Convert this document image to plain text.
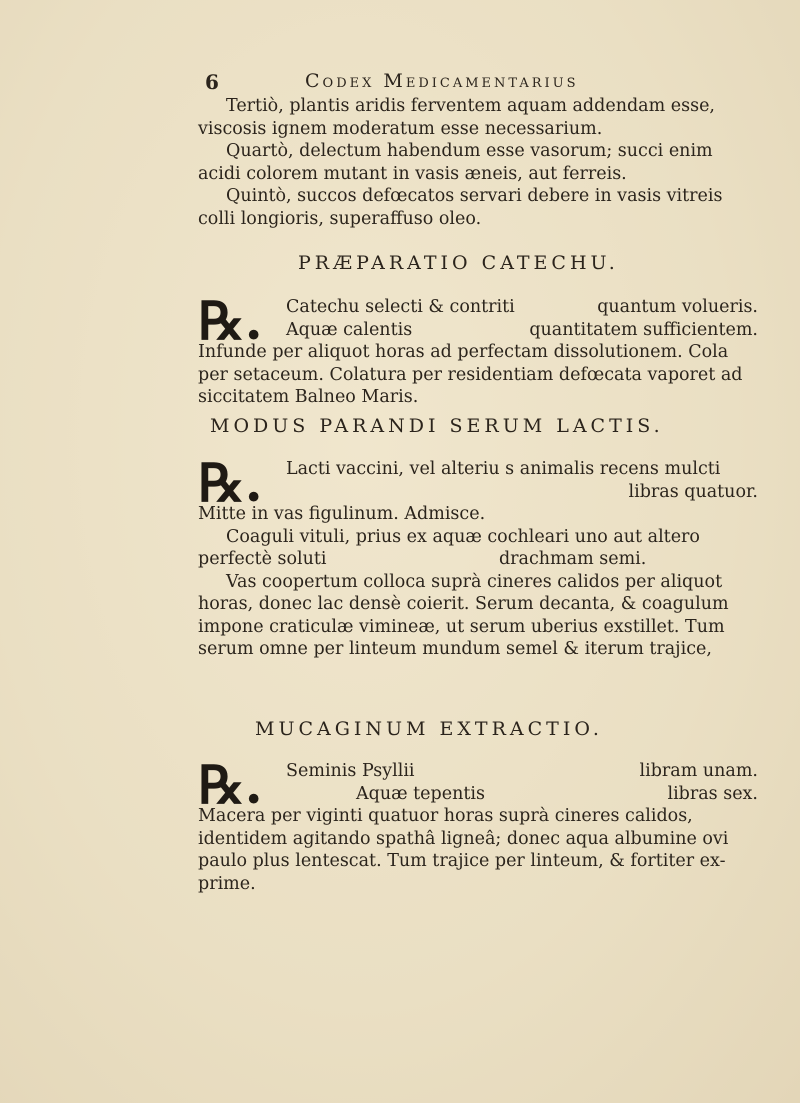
6	Codex Medicamentarius

Tertiò, plantis aridis ferventem aquam addendam esse,
viscosis ignem moderatum esse necessarium.

Quartò, delectum habendum esse vasorum; succi enim
acidi colorem mutant in vasis æneis, aut ferreis.

Quintò, succos defœcatos servari debere in vasis vitreis
colli longioris, superaffuso oleo.

PRÆPARATIO CATECHU.
℞. Catechu selecti & contriti	quantum volueris.
Aquæ calentis	quantitatem sufficientem.
Infunde per aliquot horas ad perfectam dissolutionem. Cola
per setaceum. Colatura per residentiam defœcata vaporet ad
siccitatem Balneo Maris.
MODUS PARANDI SERUM LACTIS.
℞. Lacti vaccini, vel alteriu s animalis recens mulcti
libras quatuor.
Mitte in vas figulinum. Admisce.
Coaguli vituli, prius ex aquæ cochleari uno aut altero
perfectè soluti                               drachmam semi.
Vas coopertum colloca suprà cineres calidos per aliquot
horas, donec lac densè coierit. Serum decanta, & coagulum
impone craticulæ vimineæ, ut serum uberius exstillet. Tum
serum omne per linteum mundum semel & iterum trajice,
MUCAGINUM EXTRACTIO.
℞. Seminis Psyllii	libram unam.
Aquæ tepentis	libras sex.
Macera per viginti quatuor horas suprà cineres calidos,
identidem agitando spathâ ligneâ; donec aqua albumine ovi
paulo plus lentescat. Tum trajice per linteum, & fortiter ex-
prime.
